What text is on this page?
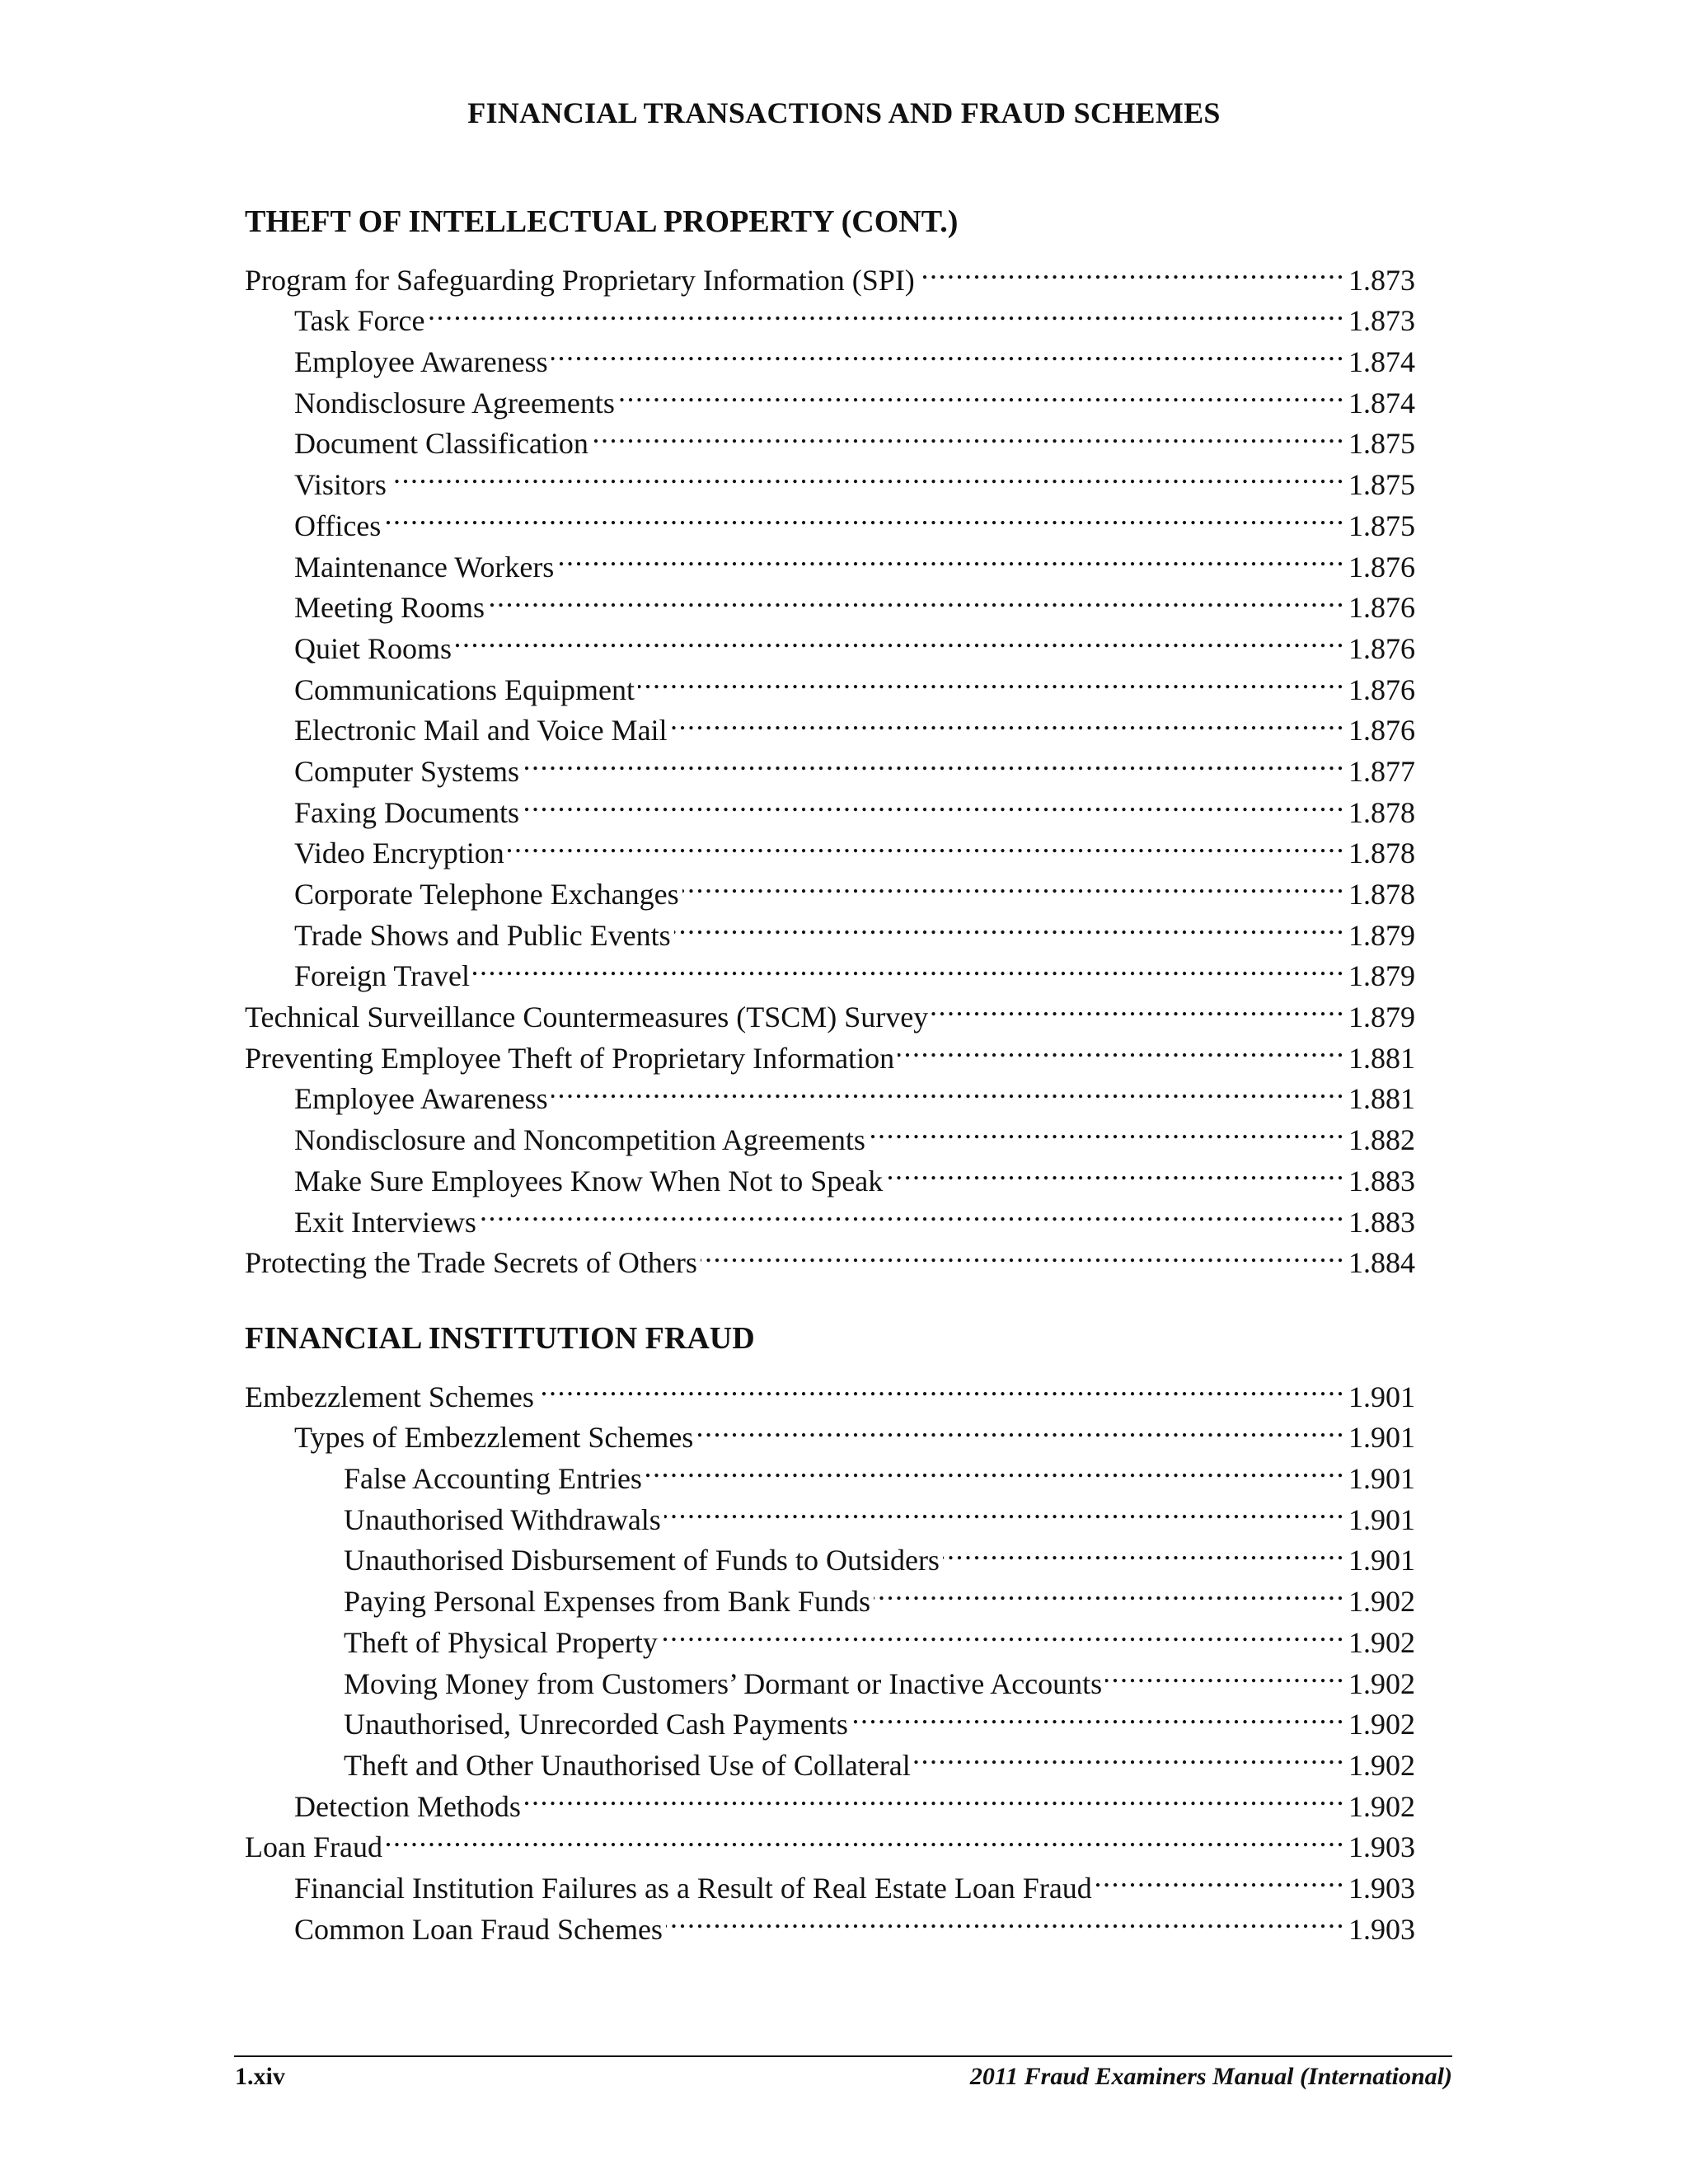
FINANCIAL TRANSACTIONS AND FRAUD SCHEMES
THEFT OF INTELLECTUAL PROPERTY (CONT.)
Program for Safeguarding Proprietary Information (SPI) .....	1.873
Task Force .....	1.873
Employee Awareness .....	1.874
Nondisclosure Agreements .....	1.874
Document Classification .....	1.875
Visitors .....	1.875
Offices .....	1.875
Maintenance Workers .....	1.876
Meeting Rooms .....	1.876
Quiet Rooms .....	1.876
Communications Equipment .....	1.876
Electronic Mail and Voice Mail .....	1.876
Computer Systems .....	1.877
Faxing Documents .....	1.878
Video Encryption .....	1.878
Corporate Telephone Exchanges .....	1.878
Trade Shows and Public Events .....	1.879
Foreign Travel .....	1.879
Technical Surveillance Countermeasures (TSCM) Survey .....	1.879
Preventing Employee Theft of Proprietary Information .....	1.881
Employee Awareness .....	1.881
Nondisclosure and Noncompetition Agreements .....	1.882
Make Sure Employees Know When Not to Speak .....	1.883
Exit Interviews .....	1.883
Protecting the Trade Secrets of Others .....	1.884
FINANCIAL INSTITUTION FRAUD
Embezzlement Schemes .....	1.901
Types of Embezzlement Schemes .....	1.901
False Accounting Entries .....	1.901
Unauthorised Withdrawals .....	1.901
Unauthorised Disbursement of Funds to Outsiders .....	1.901
Paying Personal Expenses from Bank Funds .....	1.902
Theft of Physical Property .....	1.902
Moving Money from Customers’ Dormant or Inactive Accounts .....	1.902
Unauthorised, Unrecorded Cash Payments .....	1.902
Theft and Other Unauthorised Use of Collateral .....	1.902
Detection Methods .....	1.902
Loan Fraud .....	1.903
Financial Institution Failures as a Result of Real Estate Loan Fraud .....	1.903
Common Loan Fraud Schemes .....	1.903
1.xiv	2011 Fraud Examiners Manual (International)
